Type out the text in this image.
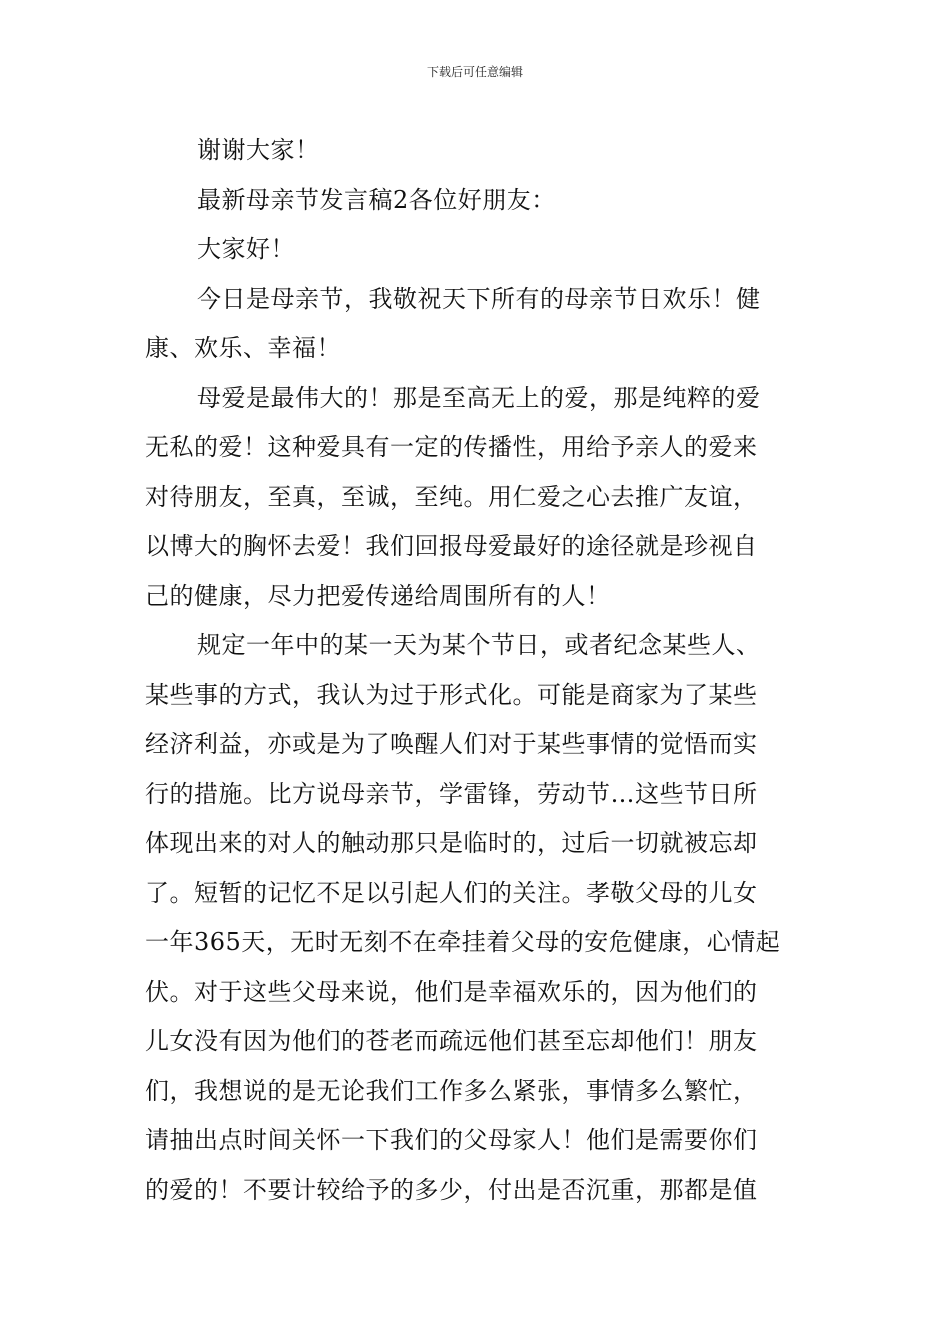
下载后可任意编辑
谢谢大家！
最新母亲节发言稿2各位好朋友：
大家好！
今日是母亲节，我敬祝天下所有的母亲节日欢乐！健
康、欢乐、幸福！
母爱是最伟大的！那是至高无上的爱，那是纯粹的爱
无私的爱！这种爱具有一定的传播性，用给予亲人的爱来
对待朋友，至真，至诚，至纯。用仁爱之心去推广友谊，
以博大的胸怀去爱！我们回报母爱最好的途径就是珍视自
己的健康，尽力把爱传递给周围所有的人！
规定一年中的某一天为某个节日，或者纪念某些人、
某些事的方式，我认为过于形式化。可能是商家为了某些
经济利益，亦或是为了唤醒人们对于某些事情的觉悟而实
行的措施。比方说母亲节，学雷锋，劳动节…这些节日所
体现出来的对人的触动那只是临时的，过后一切就被忘却
了。短暂的记忆不足以引起人们的关注。孝敬父母的儿女
一年365天，无时无刻不在牵挂着父母的安危健康，心情起
伏。对于这些父母来说，他们是幸福欢乐的，因为他们的
儿女没有因为他们的苍老而疏远他们甚至忘却他们！朋友
们，我想说的是无论我们工作多么紧张，事情多么繁忙，
请抽出点时间关怀一下我们的父母家人！他们是需要你们
的爱的！不要计较给予的多少，付出是否沉重，那都是值
